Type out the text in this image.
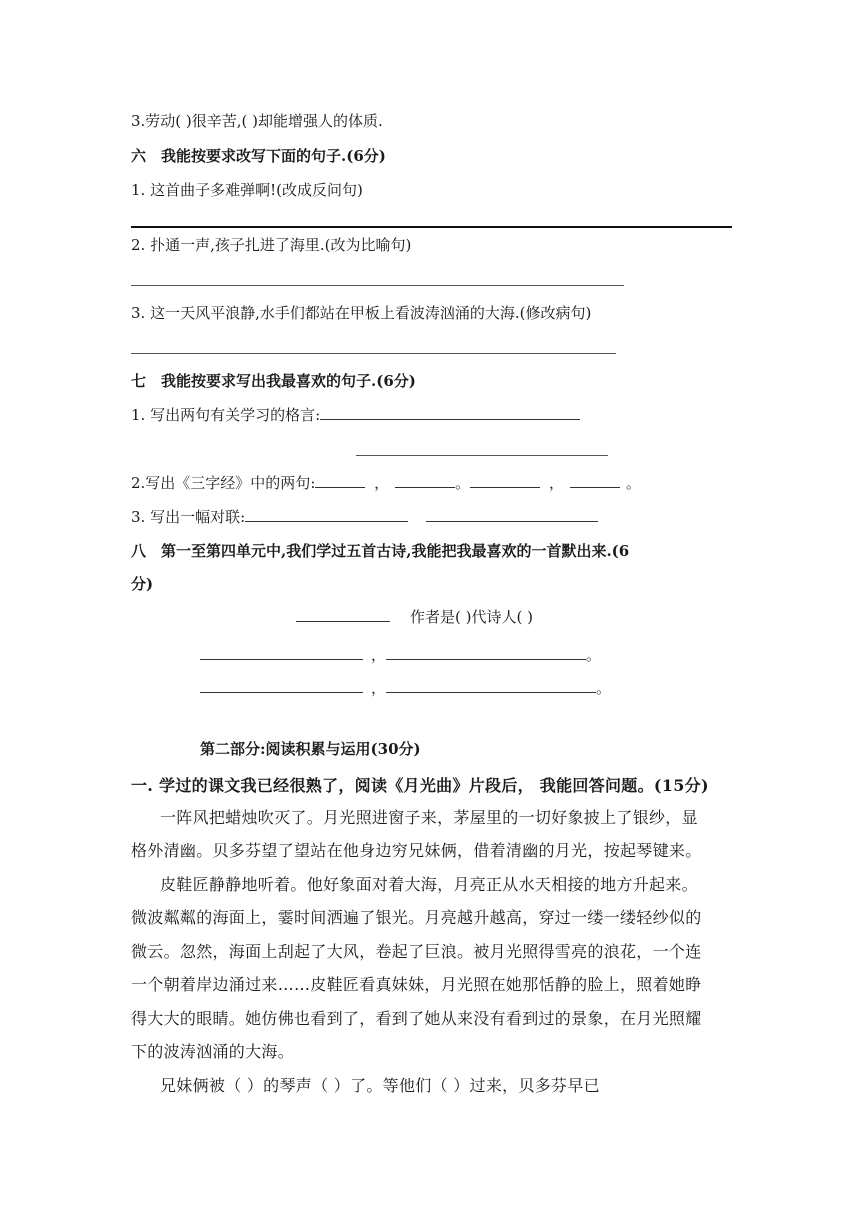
3.劳动( )很辛苦,( )却能增强人的体质.
六　我能按要求改写下面的句子.(6分)
1. 这首曲子多难弹啊!(改成反问句)
2. 扑通一声,孩子扎进了海里.(改为比喻句)
3. 这一天风平浪静,水手们都站在甲板上看波涛汹涌的大海.(修改病句)
七　我能按要求写出我最喜欢的句子.(6分)
1. 写出两句有关学习的格言:
2.写出《三字经》中的两句:	，	。	，	。
3. 写出一幅对联:
八　第一至第四单元中,我们学过五首古诗,我能把我最喜欢的一首默出来.(6
分)
作者是( )代诗人( )
，	。
，	。
第二部分:阅读积累与运用(30分)
一. 学过的课文我已经很熟了，阅读《月光曲》片段后， 我能回答问题。(15分)
一阵风把蜡烛吹灭了。月光照进窗子来，茅屋里的一切好象披上了银纱，显
格外清幽。贝多芬望了望站在他身边穷兄妹俩，借着清幽的月光，按起琴键来。
皮鞋匠静静地听着。他好象面对着大海，月亮正从水天相接的地方升起来。
微波粼粼的海面上，霎时间洒遍了银光。月亮越升越高，穿过一缕一缕轻纱似的
微云。忽然，海面上刮起了大风，卷起了巨浪。被月光照得雪亮的浪花，一个连
一个朝着岸边涌过来……皮鞋匠看真妹妹，月光照在她那恬静的脸上，照着她睁
得大大的眼睛。她仿佛也看到了，看到了她从来没有看到过的景象，在月光照耀
下的波涛汹涌的大海。
兄妹俩被（ ）的琴声（ ）了。等他们（ ）过来，贝多芬早已
